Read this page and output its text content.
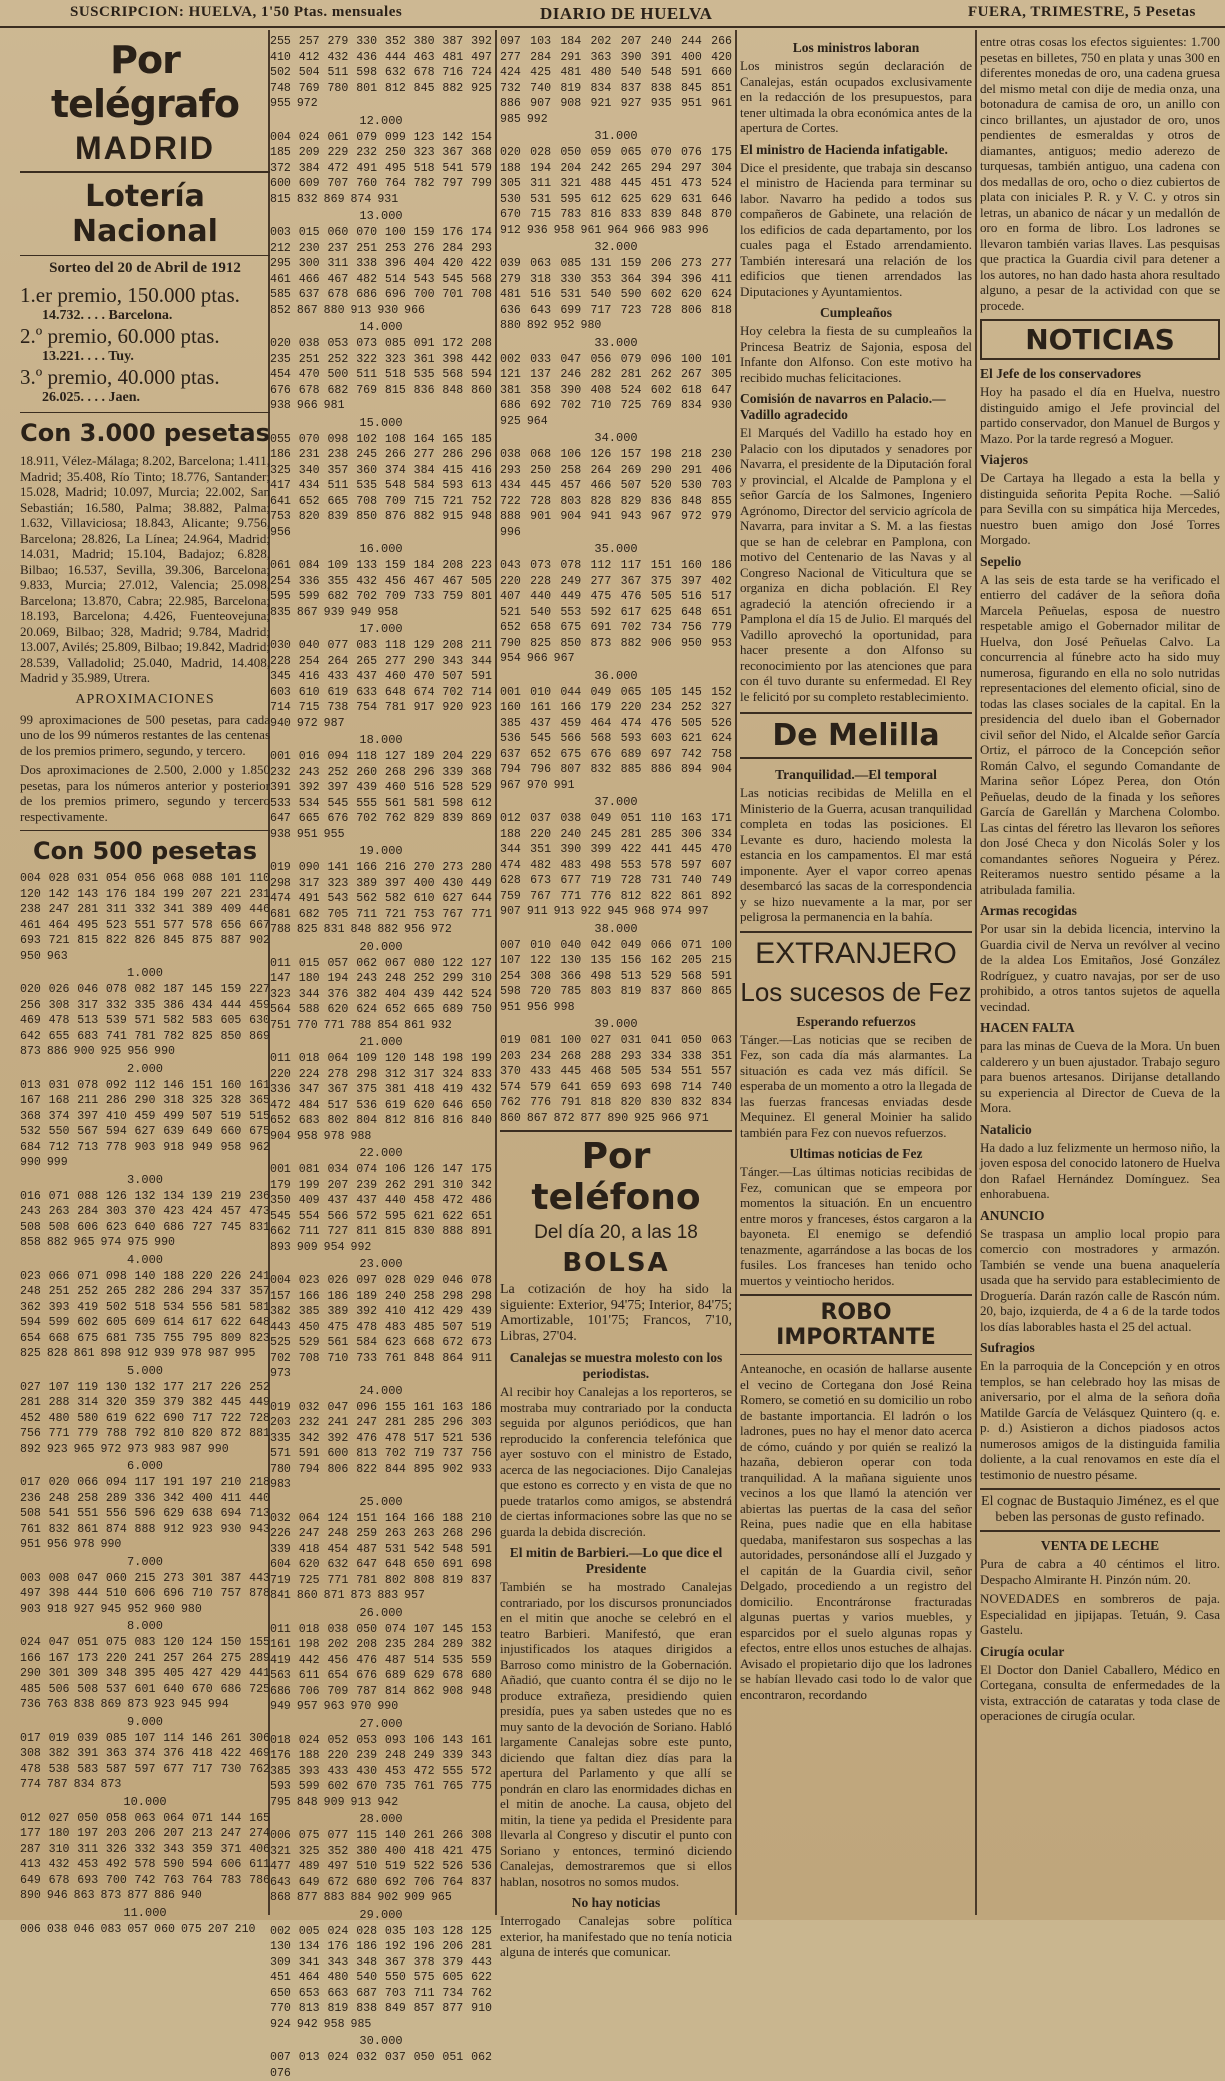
SUSCRIPCION: HUELVA, 1'50 Ptas. mensuales	DIARIO DE HUELVA	FUERA, TRIMESTRE, 5 Pesetas
Por telégrafo
MADRID
Lotería Nacional
Sorteo del 20 de Abril de 1912
1.er premio, 150.000 ptas.
14.732. . . . Barcelona.
2.º premio, 60.000 ptas.
13.221. . . . Tuy.
3.º premio, 40.000 ptas.
26.025. . . . Jaen.
Con 3.000 pesetas

18.911, Vélez-Málaga; 8.202, Barcelona; 1.411, Madrid; 35.408, Río Tinto; 18.776, Santander; 15.028, Madrid; 10.097, Murcia; 22.002, San Sebastián; 16.580, Palma; 38.882, Palma; 1.632, Villaviciosa; 18.843, Alicante; 9.756, Barcelona; 28.826, La Línea; 24.964, Madrid; 14.031, Madrid; 15.104, Badajoz; 6.828, Bilbao; 16.537, Sevilla, 39.306, Barcelona; 9.833, Murcia; 27.012, Valencia; 25.098, Barcelona; 13.870, Cabra; 22.985, Barcelona; 18.193, Barcelona; 4.426, Fuenteovejuna; 20.069, Bilbao; 328, Madrid; 9.784, Madrid; 13.007, Avilés; 25.809, Bilbao; 19.842, Madrid; 28.539, Valladolid; 25.040, Madrid, 14.408, Madrid y 35.989, Utrera.

APROXIMACIONES

99 aproximaciones de 500 pesetas, para cada uno de los 99 números restantes de las centenas de los premios primero, segundo, y tercero.

Dos aproximaciones de 2.500, 2.000 y 1.850 pesetas, para los números anterior y posterior de los premios primero, segundo y tercero respectivamente.

Con 500 pesetas

004 028 031 054 056 068 088 101 110 120 142 143 176 184 199 207 221 231 238 247 281 311 332 341 389 409 446 461 464 495 523 551 577 578 656 667 693 721 815 822 826 845 875 887 902 950 963

1.000

020 026 046 078 082 187 145 159 227 256 308 317 332 335 386 434 444 459 469 478 513 539 571 582 583 605 630 642 655 683 741 781 782 825 850 869 873 886 900 925 956 990

2.000

013 031 078 092 112 146 151 160 161 167 168 211 286 290 318 325 328 365 368 374 397 410 459 499 507 519 515 532 550 567 594 627 639 649 660 675 684 712 713 778 903 918 949 958 962 990 999

3.000

016 071 088 126 132 134 139 219 236 243 263 284 303 370 423 424 457 473 508 508 606 623 640 686 727 745 831 858 882 965 974 975 990

4.000

023 066 071 098 140 188 220 226 241 248 251 252 265 282 286 294 337 357 362 393 419 502 518 534 556 581 581 594 599 602 605 609 614 617 622 648 654 668 675 681 735 755 795 809 823 825 828 861 898 912 939 978 987 995

5.000

027 107 119 130 132 177 217 226 252 281 288 314 320 359 379 382 445 449 452 480 580 619 622 690 717 722 728 756 771 779 788 792 810 820 872 881 892 923 965 972 973 983 987 990

6.000

017 020 066 094 117 191 197 210 218 236 248 258 289 336 342 400 411 440 508 541 551 556 596 629 638 694 713 761 832 861 874 888 912 923 930 943 951 956 978 990

7.000

003 008 047 060 215 273 301 387 443 497 398 444 510 606 696 710 757 878 903 918 927 945 952 960 980

8.000

024 047 051 075 083 120 124 150 155 166 167 173 220 241 257 264 275 289 290 301 309 348 395 405 427 429 441 485 506 508 537 601 640 670 686 725 736 763 838 869 873 923 945 994

9.000

017 019 039 085 107 114 146 261 306 308 382 391 363 374 376 418 422 469 478 538 583 587 597 677 717 730 762 774 787 834 873

10.000

012 027 050 058 063 064 071 144 165 177 180 197 203 206 207 213 247 274 287 310 311 326 332 343 359 371 406 413 432 453 492 578 590 594 606 611 649 678 693 700 742 763 764 783 786 890 946 863 873 877 886 940

11.000

006 038 046 083 057 060 075 207 210

255 257 279 330 352 380 387 392 410 412 432 436 444 463 481 497 502 504 511 598 632 678 716 724 748 769 780 801 812 845 882 925 955 972

12.000

004 024 061 079 099 123 142 154 185 209 229 232 250 323 367 368 372 384 472 491 495 518 541 579 600 609 707 760 764 782 797 799 815 832 869 874 931

13.000

003 015 060 070 100 159 176 174 212 230 237 251 253 276 284 293 295 300 311 338 396 404 420 422 461 466 467 482 514 543 545 568 585 637 678 686 696 700 701 708 852 867 880 913 930 966

14.000

020 038 053 073 085 091 172 208 235 251 252 322 323 361 398 442 454 470 500 511 518 535 568 594 676 678 682 769 815 836 848 860 938 966 981

15.000

055 070 098 102 108 164 165 185 186 231 238 245 266 277 286 296 325 340 357 360 374 384 415 416 417 434 511 535 548 584 593 613 641 652 665 708 709 715 721 752 753 820 839 850 876 882 915 948 956

16.000

061 084 109 133 159 184 208 223 254 336 355 432 456 467 467 505 595 599 682 702 709 733 759 801 835 867 939 949 958

17.000

030 040 077 083 118 129 208 211 228 254 264 265 277 290 343 344 345 416 433 437 460 470 507 591 603 610 619 633 648 674 702 714 714 715 738 754 781 917 920 923 940 972 987

18.000

001 016 094 118 127 189 204 229 232 243 252 260 268 296 339 368 391 392 397 439 460 516 528 529 533 534 545 555 561 581 598 612 647 665 676 702 762 829 839 869 938 951 955

19.000

019 090 141 166 216 270 273 280 298 317 323 389 397 400 430 449 474 491 543 562 582 610 627 644 681 682 705 711 721 753 767 771 788 825 831 848 882 956 972

20.000

011 015 057 062 067 080 122 127 147 180 194 243 248 252 299 310 323 344 376 382 404 439 442 524 564 588 620 624 652 665 689 750 751 770 771 788 854 861 932

21.000

011 018 064 109 120 148 198 199 220 224 278 298 312 317 324 833 336 347 367 375 381 418 419 432 472 484 517 536 619 620 646 650 652 683 802 804 812 816 816 840 904 958 978 988

22.000

001 081 034 074 106 126 147 175 179 199 207 239 262 291 310 342 350 409 437 437 440 458 472 486 545 554 566 572 595 621 622 651 662 711 727 811 815 830 888 891 893 909 954 992

23.000

004 023 026 097 028 029 046 078 157 166 186 189 240 258 298 298 382 385 389 392 410 412 429 439 443 450 475 478 483 485 507 519 525 529 561 584 623 668 672 673 702 708 710 733 761 848 864 911 973

24.000

019 032 047 096 155 161 163 186 203 232 241 247 281 285 296 303 335 342 392 476 478 517 521 536 571 591 600 813 702 719 737 756 780 794 806 822 844 895 902 933 983

25.000

032 064 124 151 164 166 188 210 226 247 248 259 263 263 268 296 339 418 454 487 531 542 548 591 604 620 632 647 648 650 691 698 719 725 771 781 802 808 819 837 841 860 871 873 883 957

26.000

011 018 038 050 074 107 145 153 161 198 202 208 235 284 289 382 419 442 456 476 487 514 535 559 563 611 654 676 689 629 678 680 686 706 709 787 814 862 908 948 949 957 963 970 990

27.000

018 024 052 053 093 106 143 161 176 188 220 239 248 249 339 343 385 393 433 430 453 472 555 572 593 599 602 670 735 761 765 775 795 848 909 913 942

28.000

006 075 077 115 140 261 266 308 321 325 352 380 400 418 421 475 477 489 497 510 519 522 526 536 643 649 672 680 692 706 764 837 868 877 883 884 902 909 965

29.000

002 005 024 028 035 103 128 125 130 134 176 186 192 196 206 281 309 341 343 348 367 378 379 443 451 464 480 540 550 575 605 622 650 653 663 687 703 711 734 762 770 813 819 838 849 857 877 910 924 942 958 985

30.000

007 013 024 032 037 050 051 062 076

097 103 184 202 207 240 244 266 277 284 291 363 390 391 400 420 424 425 481 480 540 548 591 660 732 740 819 834 837 838 845 851 886 907 908 921 927 935 951 961 985 992

31.000

020 028 050 059 065 070 076 175 188 194 204 242 265 294 297 304 305 311 321 488 445 451 473 524 530 531 595 612 625 629 631 646 670 715 783 816 833 839 848 870 912 936 958 961 964 966 983 996

32.000

039 063 085 131 159 206 273 277 279 318 330 353 364 394 396 411 481 516 531 540 590 602 620 624 636 643 699 717 723 728 806 818 880 892 952 980

33.000

002 033 047 056 079 096 100 101 121 137 246 282 281 262 267 305 381 358 390 408 524 602 618 647 686 692 702 710 725 769 834 930 925 964

34.000

038 068 106 126 157 198 218 230 293 250 258 264 269 290 291 406 434 445 457 466 507 520 530 703 722 728 803 828 829 836 848 855 888 901 904 941 943 967 972 979 996

35.000

043 073 078 112 117 151 160 186 220 228 249 277 367 375 397 402 407 440 449 475 476 505 516 517 521 540 553 592 617 625 648 651 652 658 675 691 702 734 756 779 790 825 850 873 882 906 950 953 954 966 967

36.000

001 010 044 049 065 105 145 152 160 161 166 179 220 234 252 327 385 437 459 464 474 476 505 526 536 545 566 568 593 603 621 624 637 652 675 676 689 697 742 758 794 796 807 832 885 886 894 904 967 970 991

37.000

012 037 038 049 051 110 163 171 188 220 240 245 281 285 306 334 344 351 390 399 422 441 445 470 474 482 483 498 553 578 597 607 628 673 677 719 728 731 740 749 759 767 771 776 812 822 861 892 907 911 913 922 945 968 974 997

38.000

007 010 040 042 049 066 071 100 107 122 130 135 156 162 205 215 254 308 366 498 513 529 568 591 598 720 785 803 819 837 860 865 951 956 998

39.000

019 081 100 027 031 041 050 063 203 234 268 288 293 334 338 351 370 433 445 468 505 534 551 557 574 579 641 659 693 698 714 740 762 776 791 818 820 830 832 834 860 867 872 877 890 925 966 971

Por teléfono
Del día 20, a las 18
BOLSA

La cotización de hoy ha sido la siguiente: Exterior, 94'75; Interior, 84'75; Amortizable, 101'75; Francos, 7'10, Libras, 27'04.

Canalejas se muestra molesto con los periodistas.

Al recibir hoy Canalejas a los reporteros, se mostraba muy contrariado por la conducta seguida por algunos periódicos, que han reproducido la conferencia telefónica que ayer sostuvo con el ministro de Estado, acerca de las negociaciones. Dijo Canalejas que estono es correcto y en vista de que no puede tratarlos como amigos, se abstendrá de ciertas informaciones sobre las que no se guarda la debida discreción.

El mitin de Barbieri.—Lo que dice el Presidente

También se ha mostrado Canalejas contrariado, por los discursos pronunciados en el mitin que anoche se celebró en el teatro Barbieri. Manifestó, que eran injustificados los ataques dirigidos a Barroso como ministro de la Gobernación. Añadió, que cuanto contra él se dijo no le produce extrañeza, presidiendo quien presidía, pues ya saben ustedes que no es muy santo de la devoción de Soriano. Habló largamente Canalejas sobre este punto, diciendo que faltan diez días para la apertura del Parlamento y que allí se pondrán en claro las enormidades dichas en el mitin de anoche. La causa, objeto del mitin, la tiene ya pedida el Presidente para llevarla al Congreso y discutir el punto con Soriano y entonces, terminó diciendo Canalejas, demostraremos que si ellos hablan, nosotros no somos mudos.

No hay noticias

Interrogado Canalejas sobre política exterior, ha manifestado que no tenía noticia alguna de interés que comunicar.

Los ministros laboran

Los ministros según declaración de Canalejas, están ocupados exclusivamente en la redacción de los presupuestos, para tener ultimada la obra económica antes de la apertura de Cortes.

El ministro de Hacienda infatigable.

Dice el presidente, que trabaja sin descanso el ministro de Hacienda para terminar su labor. Navarro ha pedido a todos sus compañeros de Gabinete, una relación de los edificios de cada departamento, por los cuales paga el Estado arrendamiento. También interesará una relación de los edificios que tienen arrendados las Diputaciones y Ayuntamientos.

Cumpleaños

Hoy celebra la fiesta de su cumpleaños la Princesa Beatriz de Sajonia, esposa del Infante don Alfonso. Con este motivo ha recibido muchas felicitaciones.

Comisión de navarros en Palacio.—Vadillo agradecido

El Marqués del Vadillo ha estado hoy en Palacio con los diputados y senadores por Navarra, el presidente de la Diputación foral y provincial, el Alcalde de Pamplona y el señor García de los Salmones, Ingeniero Agrónomo, Director del servicio agrícola de Navarra, para invitar a S. M. a las fiestas que se han de celebrar en Pamplona, con motivo del Centenario de las Navas y al Congreso Nacional de Viticultura que se organiza en dicha población. El Rey agradeció la atención ofreciendo ir a Pamplona el día 15 de Julio. El marqués del Vadillo aprovechó la oportunidad, para hacer presente a don Alfonso su reconocimiento por las atenciones que para con él tuvo durante su enfermedad. El Rey le felicitó por su completo restablecimiento.

De Melilla
Tranquilidad.—El temporal

Las noticias recibidas de Melilla en el Ministerio de la Guerra, acusan tranquilidad completa en todas las posiciones. El Levante es duro, haciendo molesta la estancia en los campamentos. El mar está imponente. Ayer el vapor correo apenas desembarcó las sacas de la correspondencia y se hizo nuevamente a la mar, por ser peligrosa la permanencia en la bahía.

EXTRANJERO
Los sucesos de Fez
Esperando refuerzos

Tánger.—Las noticias que se reciben de Fez, son cada día más alarmantes. La situación es cada vez más difícil. Se esperaba de un momento a otro la llegada de las fuerzas francesas enviadas desde Mequinez. El general Moinier ha salido también para Fez con nuevos refuerzos.

Ultimas noticias de Fez

Tánger.—Las últimas noticias recibidas de Fez, comunican que se empeora por momentos la situación. En un encuentro entre moros y franceses, éstos cargaron a la bayoneta. El enemigo se defendió tenazmente, agarrándose a las bocas de los fusiles. Los franceses han tenido ocho muertos y veintiocho heridos.

ROBO IMPORTANTE

Anteanoche, en ocasión de hallarse ausente el vecino de Cortegana don José Reina Romero, se cometió en su domicilio un robo de bastante importancia. El ladrón o los ladrones, pues no hay el menor dato acerca de cómo, cuándo y por quién se realizó la hazaña, debieron operar con toda tranquilidad. A la mañana siguiente unos vecinos a los que llamó la atención ver abiertas las puertas de la casa del señor Reina, pues nadie que en ella habitase quedaba, manifestaron sus sospechas a las autoridades, personándose allí el Juzgado y el capitán de la Guardia civil, señor Delgado, procediendo a un registro del domicilio. Encontráronse fracturadas algunas puertas y varios muebles, y esparcidos por el suelo algunas ropas y efectos, entre ellos unos estuches de alhajas. Avisado el propietario dijo que los ladrones se habían llevado casi todo lo de valor que encontraron, recordando

entre otras cosas los efectos siguientes: 1.700 pesetas en billetes, 750 en plata y unas 300 en diferentes monedas de oro, una cadena gruesa del mismo metal con dije de media onza, una botonadura de camisa de oro, un anillo con cinco brillantes, un ajustador de oro, unos pendientes de esmeraldas y otros de diamantes, antiguos; medio aderezo de turquesas, también antiguo, una cadena con dos medallas de oro, ocho o diez cubiertos de plata con iniciales P. R. y V. C. y otros sin letras, un abanico de nácar y un medallón de oro en forma de libro. Los ladrones se llevaron también varias llaves. Las pesquisas que practica la Guardia civil para detener a los autores, no han dado hasta ahora resultado alguno, a pesar de la actividad con que se procede.

NOTICIAS
El Jefe de los conservadores

Hoy ha pasado el día en Huelva, nuestro distinguido amigo el Jefe provincial del partido conservador, don Manuel de Burgos y Mazo. Por la tarde regresó a Moguer.

Viajeros

De Cartaya ha llegado a esta la bella y distinguida señorita Pepita Roche. —Salió para Sevilla con su simpática hija Mercedes, nuestro buen amigo don José Torres Morgado.

Sepelio

A las seis de esta tarde se ha verificado el entierro del cadáver de la señora doña Marcela Peñuelas, esposa de nuestro respetable amigo el Gobernador militar de Huelva, don José Peñuelas Calvo. La concurrencia al fúnebre acto ha sido muy numerosa, figurando en ella no solo nutridas representaciones del elemento oficial, sino de todas las clases sociales de la capital. En la presidencia del duelo iban el Gobernador civil señor del Nido, el Alcalde señor García Ortiz, el párroco de la Concepción señor Román Calvo, el segundo Comandante de Marina señor López Perea, don Otón Peñuelas, deudo de la finada y los señores García de Garellán y Marchena Colombo. Las cintas del féretro las llevaron los señores don José Checa y don Nicolás Soler y los comandantes señores Nogueira y Pérez. Reiteramos nuestro sentido pésame a la atribulada familia.

Armas recogidas

Por usar sin la debida licencia, intervino la Guardia civil de Nerva un revólver al vecino de la aldea Los Emitaños, José González Rodríguez, y cuatro navajas, por ser de uso prohibido, a otros tantos sujetos de aquella vecindad.

HACEN FALTA

para las minas de Cueva de la Mora. Un buen calderero y un buen ajustador. Trabajo seguro para buenos artesanos. Dirijanse detallando su experiencia al Director de Cueva de la Mora.

Natalicio

Ha dado a luz felizmente un hermoso niño, la joven esposa del conocido latonero de Huelva don Rafael Hernández Domínguez. Sea enhorabuena.

ANUNCIO

Se traspasa un amplio local propio para comercio con mostradores y armazón. También se vende una buena anaquelería usada que ha servido para establecimiento de Droguería. Darán razón calle de Rascón núm. 20, bajo, izquierda, de 4 a 6 de la tarde todos los días laborables hasta el 25 del actual.

Sufragios

En la parroquia de la Concepción y en otros templos, se han celebrado hoy las misas de aniversario, por el alma de la señora doña Matilde García de Velásquez Quintero (q. e. p. d.) Asistieron a dichos piadosos actos numerosos amigos de la distinguida familia doliente, a la cual renovamos en este día el testimonio de nuestro pésame.

El cognac de Bustaquio Jiménez, es el que beben las personas de gusto refinado.
VENTA DE LECHE

Pura de cabra a 40 céntimos el litro. Despacho Almirante H. Pinzón núm. 20.

NOVEDADES en sombreros de paja. Especialidad en jipijapas. Tetuán, 9. Casa Gastelu.

Cirugía ocular

El Doctor don Daniel Caballero, Médico en Cortegana, consulta de enfermedades de la vista, extracción de cataratas y toda clase de operaciones de cirugía ocular.
